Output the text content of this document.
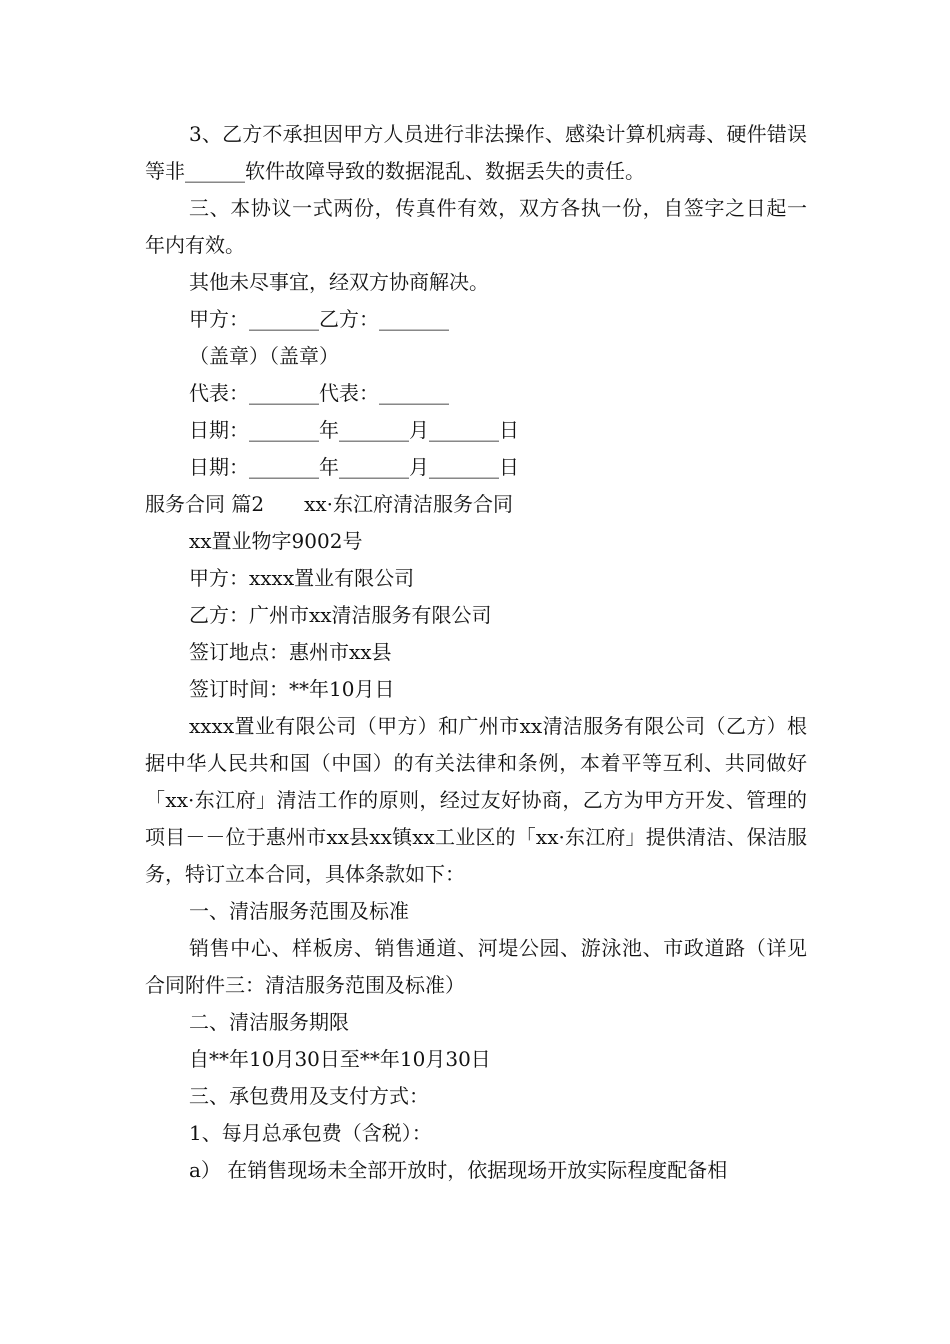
3、乙方不承担因甲方人员进行非法操作、感染计算机病毒、硬件错误等非______软件故障导致的数据混乱、数据丢失的责任。

三、本协议一式两份，传真件有效，双方各执一份，自签字之日起一年内有效。

其他未尽事宜，经双方协商解决。

甲方：_______乙方：_______

（盖章）（盖章）

代表：_______代表：_______

日期：_______年_______月_______日

日期：_______年_______月_______日

服务合同 篇2　　xx·东江府清洁服务合同

xx置业物字9002号

甲方：xxxx置业有限公司

乙方：广州市xx清洁服务有限公司

签订地点：惠州市xx县

签订时间：**年10月日

xxxx置业有限公司（甲方）和广州市xx清洁服务有限公司（乙方）根据中华人民共和国（中国）的有关法律和条例，本着平等互利、共同做好「xx·东江府」清洁工作的原则，经过友好协商，乙方为甲方开发、管理的项目－－位于惠州市xx县xx镇xx工业区的「xx·东江府」提供清洁、保洁服务，特订立本合同，具体条款如下：

一、清洁服务范围及标准

销售中心、样板房、销售通道、河堤公园、游泳池、市政道路（详见合同附件三：清洁服务范围及标准）

二、清洁服务期限

自**年10月30日至**年10月30日

三、承包费用及支付方式：

1、每月总承包费（含税）：

a） 在销售现场未全部开放时，依据现场开放实际程度配备相
